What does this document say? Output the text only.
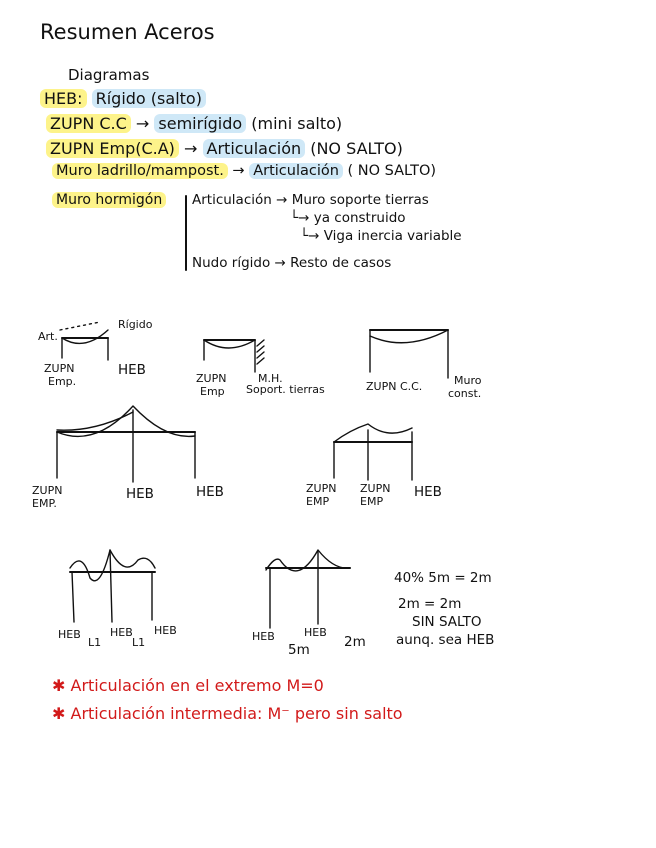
Resumen Aceros
Diagramas
HEB: Rígido (salto)
ZUPN C.C → semirígido (mini salto)
ZUPN Emp(C.A) → Articulación (NO SALTO)
Muro ladrillo/mampost. → Articulación ( NO SALTO)
Muro hormigón Articulación → Muro soporte tierras
└→ ya construido
└→ Viga inercia variable
Nudo rígido → Resto de casos
Art.
Rígido
ZUPN
Emp.
HEB
ZUPN
Emp
M.H.
Soport. tierras	ZUPN C.C.	Muro
const.
ZUPN
EMP.
HEB	HEB	ZUPN
EMP
ZUPN
EMP
HEB
HEB
L1
HEB
L1
HEB	HEB	HEB
5m	2m
40% 5m = 2m
2m = 2m
SIN SALTO
aunq. sea HEB
✱ Articulación en el extremo M=0
✱ Articulación intermedia: M⁻ pero sin salto
